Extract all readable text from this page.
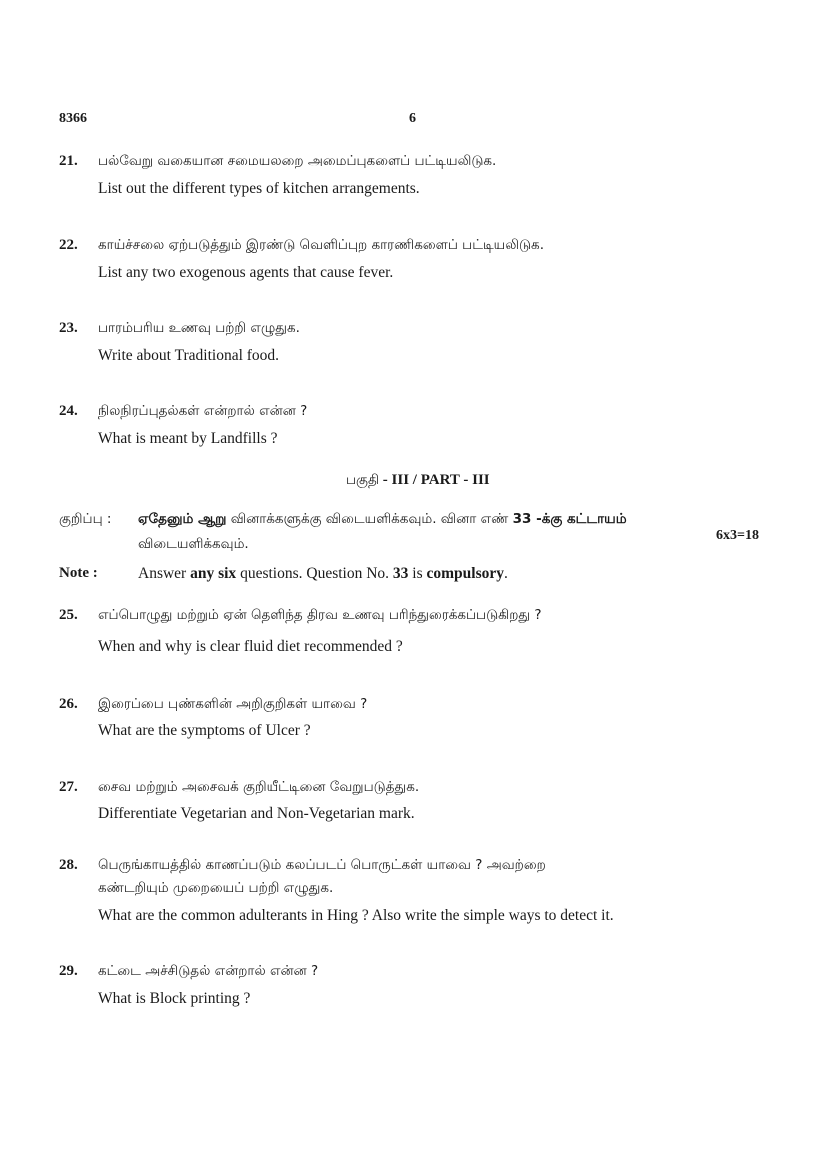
8366	6
21. பல்வேறு வகையான சமையலறை அமைப்புகளைப் பட்டியலிடுக.
List out the different types of kitchen arrangements.
22. காய்ச்சலை ஏற்படுத்தும் இரண்டு வெளிப்புற காரணிகளைப் பட்டியலிடுக.
List any two exogenous agents that cause fever.
23. பாரம்பரிய உணவு பற்றி எழுதுக.
Write about Traditional food.
24. நிலநிரப்புதல்கள் என்றால் என்ன ?
What is meant by Landfills ?
பகுதி - III / PART - III
குறிப்பு : ஏதேனும் ஆறு வினாக்களுக்கு விடையளிக்கவும். வினா எண் 33 -க்கு கட்டாயம்
விடையளிக்கவும்.
6x3=18
Note :	Answer any six questions. Question No. 33 is compulsory.
25. எப்பொழுது மற்றும் ஏன் தெளிந்த திரவ உணவு பரிந்துரைக்கப்படுகிறது ?
When and why is clear fluid diet recommended ?
26. இரைப்பை புண்களின் அறிகுறிகள் யாவை ?
What are the symptoms of Ulcer ?
27. சைவ மற்றும் அசைவக் குறியீட்டினை வேறுபடுத்துக.
Differentiate Vegetarian and Non-Vegetarian mark.
28. பெருங்காயத்தில் காணப்படும் கலப்படப் பொருட்கள் யாவை ? அவற்றை
கண்டறியும் முறையைப் பற்றி எழுதுக.
What are the common adulterants in Hing ? Also write the simple ways to detect it.
29. கட்டை அச்சிடுதல் என்றால் என்ன ?
What is Block printing ?
